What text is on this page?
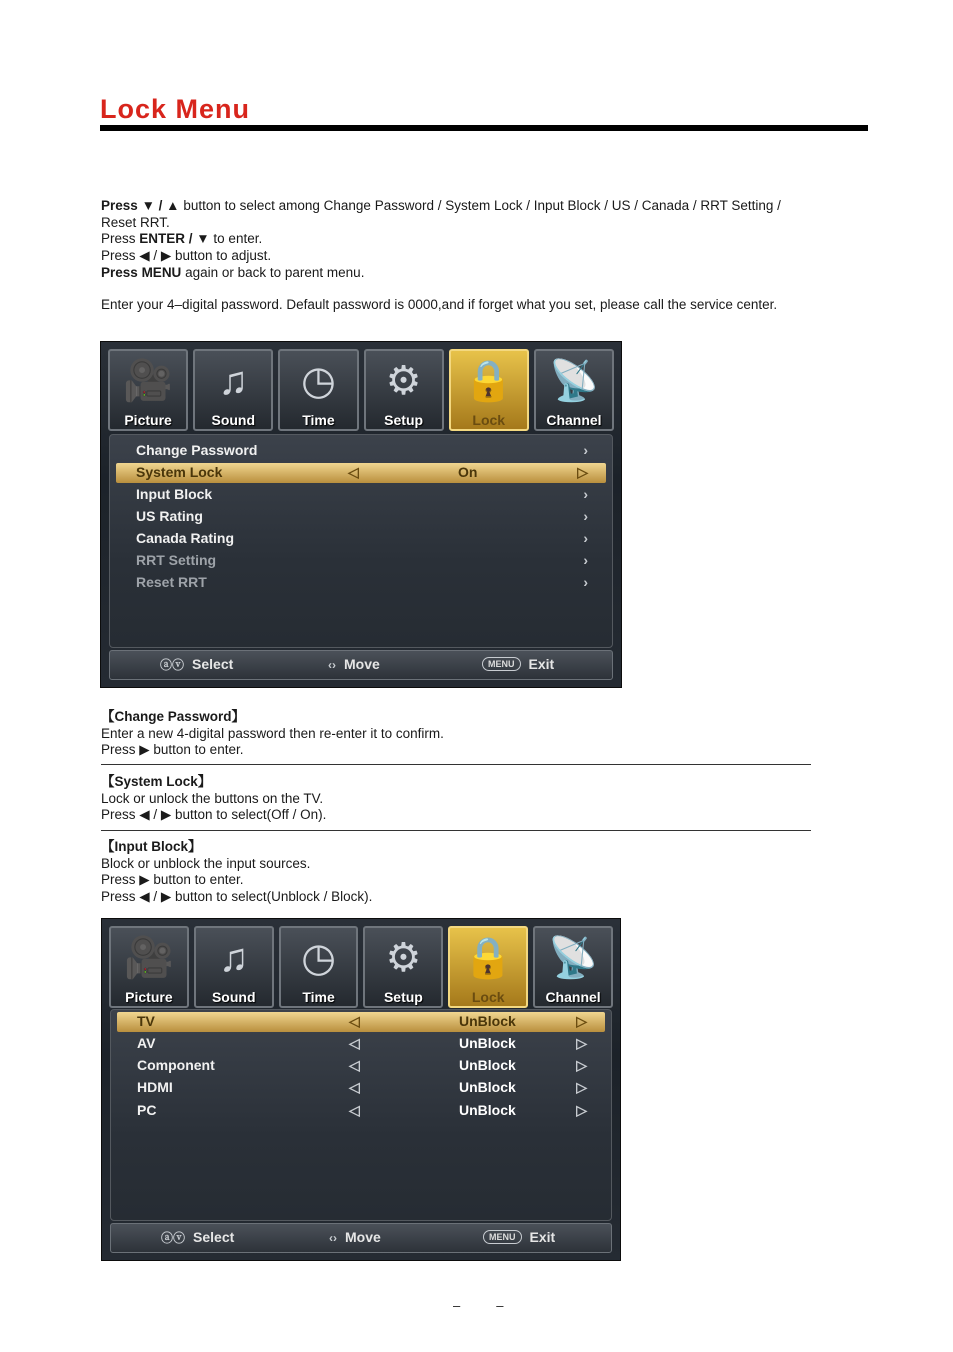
Lock Menu

Press ▼ / ▲ button to select among Change Password / System Lock / Input Block / US / Canada / RRT Setting /

Reset RRT.

Press ENTER / ▼ to enter.

Press ◀ / ▶ button to adjust.

Press MENU again or back to parent menu.

Enter your 4–digital password. Default password is 0000,and if forget what you set, please call the service center.
🎥
Picture
♫
Sound
◷
Time
⚙
Setup
🔒
Lock
📡
Channel
Change Password	›
System Lock	◁	On	▷
Input Block	›
US Rating	›
Canada Rating	›
RRT Setting	›
Reset RRT	›
ⓐⓥ Select	‹› Move	MENU Exit

【Change Password】

Enter a new 4-digital password then re-enter it to confirm.

Press ▶ button to enter.

【System Lock】

Lock or unlock the buttons on the TV.

Press ◀ / ▶ button to select(Off / On).

【Input Block】

Block or unblock the input sources.

Press ▶ button to enter.

Press ◀ / ▶ button to select(Unblock / Block).

🎥
Picture
♫
Sound
◷
Time
⚙
Setup
🔒
Lock
📡
Channel
TV	◁	UnBlock	▷
AV	◁	UnBlock	▷
Component	◁	UnBlock	▷
HDMI	◁	UnBlock	▷
PC	◁	UnBlock	▷
ⓐⓥ Select	‹› Move	MENU Exit
––
